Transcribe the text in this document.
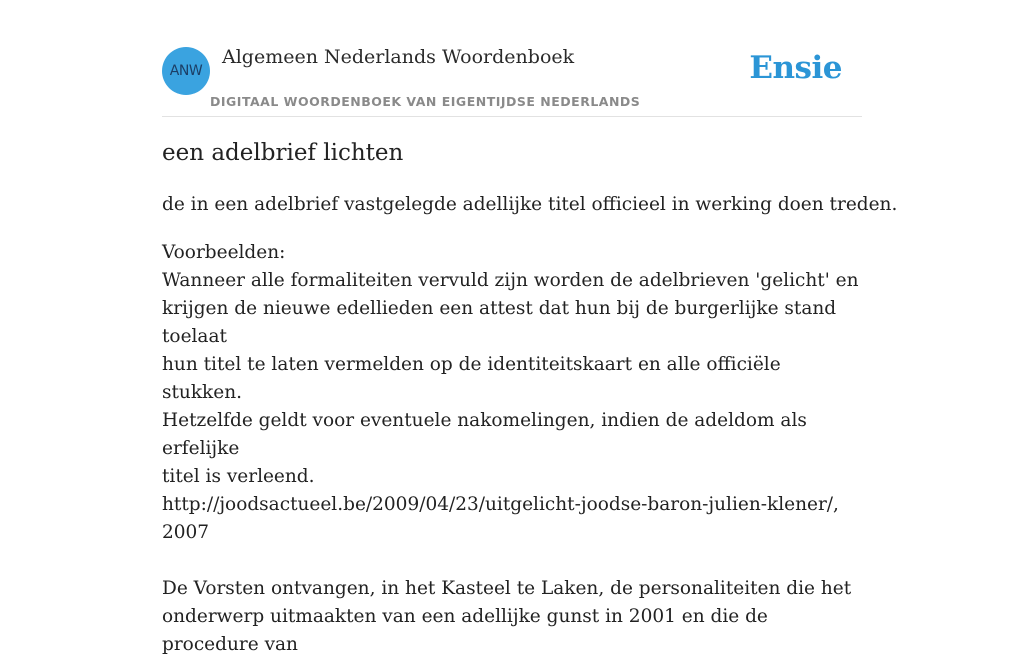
ANW
Algemeen Nederlands Woordenboek
DIGITAAL WOORDENBOEK VAN EIGENTIJDSE NEDERLANDS
Ensie
een adelbrief lichten
de in een adelbrief vastgelegde adellijke titel officieel in werking doen treden.

Voorbeelden:

Wanneer alle formaliteiten vervuld zijn worden de adelbrieven 'gelicht' en

krijgen de nieuwe edellieden een attest dat hun bij de burgerlijke stand toelaat

hun titel te laten vermelden op de identiteitskaart en alle officiële stukken.

Hetzelfde geldt voor eventuele nakomelingen, indien de adeldom als erfelijke

titel is verleend.

http://joodsactueel.be/2009/04/23/uitgelicht-joodse-baron-julien-klener/, 2007

De Vorsten ontvangen, in het Kasteel te Laken, de personaliteiten die het

onderwerp uitmaakten van een adellijke gunst in 2001 en die de procedure van
